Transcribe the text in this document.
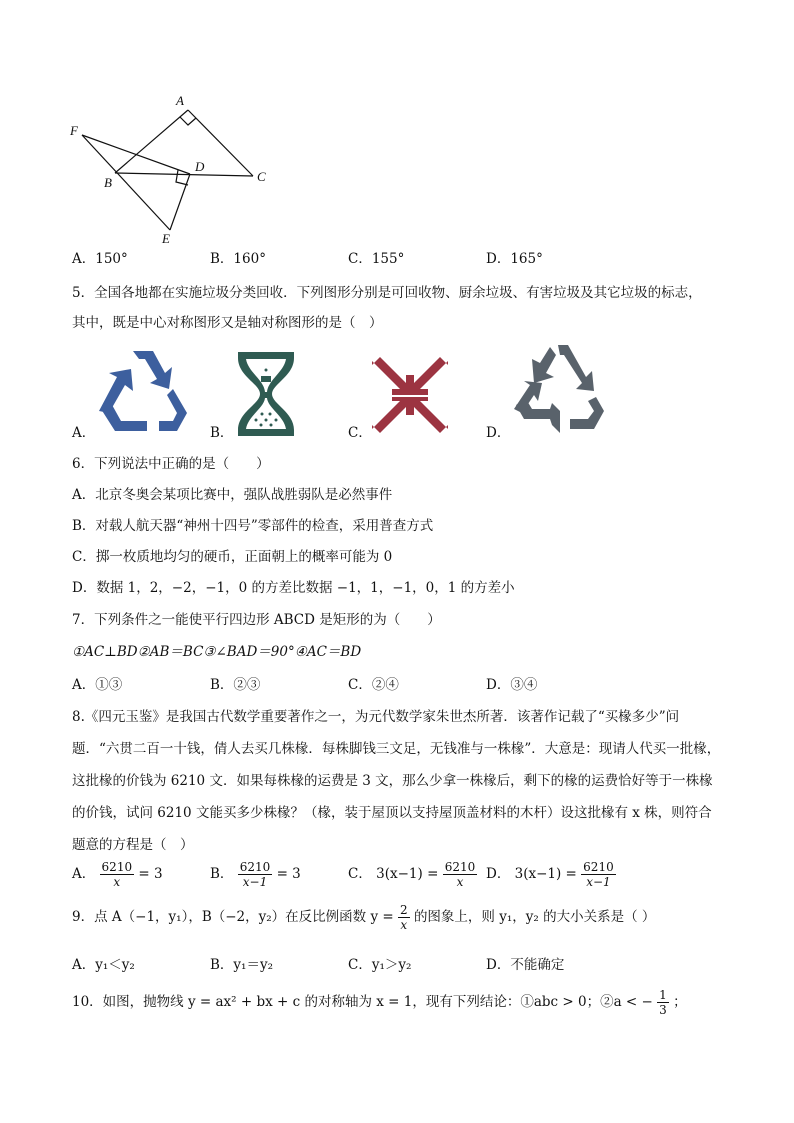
A
F
D
B	C
E
A．150°	B．160°	C．155°	D．165°
5．全国各地都在实施垃圾分类回收．下列图形分别是可回收物、厨余垃圾、有害垃圾及其它垃圾的标志，
其中，既是中心对称图形又是轴对称图形的是（　）
A．	B．	C．	D．
6．下列说法中正确的是（　　）
A．北京冬奥会某项比赛中，强队战胜弱队是必然事件
B．对载人航天器“神州十四号”零部件的检查，采用普查方式
C．掷一枚质地均匀的硬币，正面朝上的概率可能为 0
D．数据 1，2，−2，−1，0 的方差比数据 −1，1，−1，0，1 的方差小
7．下列条件之一能使平行四边形 ABCD 是矩形的为（　　）
①AC⊥BD②AB＝BC③∠BAD＝90°④AC＝BD
A．①③	B．②③	C．②④	D．③④
8.《四元玉鉴》是我国古代数学重要著作之一，为元代数学家朱世杰所著．该著作记载了“买椽多少”问
题．“六贯二百一十钱，倩人去买几株椽．每株脚钱三文足，无钱准与一株椽”．大意是：现请人代买一批椽，
这批椽的价钱为 6210 文．如果每株椽的运费是 3 文，那么少拿一株椽后，剩下的椽的运费恰好等于一株椽
的价钱，试问 6210 文能买多少株椽？（椽，装于屋顶以支持屋顶盖材料的木杆）设这批椽有 x 株，则符合
题意的方程是（　）
A． $\frac{6210}{x} = 3$	B． $\frac{6210}{x-1} = 3$	C． $3(x-1) = \frac{6210}{x}$ D． $3(x-1) = \frac{6210}{x-1}$
9．点 A（−1，y₁），B（−2，y₂）在反比例函数 $y = \frac{2}{x}$ 的图象上，则 y₁，y₂ 的大小关系是（ ）
A．y₁＜y₂	B．y₁＝y₂	C．y₁＞y₂	D．不能确定
10．如图，抛物线 y = ax² + bx + c 的对称轴为 x = 1，现有下列结论：①abc > 0；②a < − $\frac{1}{3}$ ；
